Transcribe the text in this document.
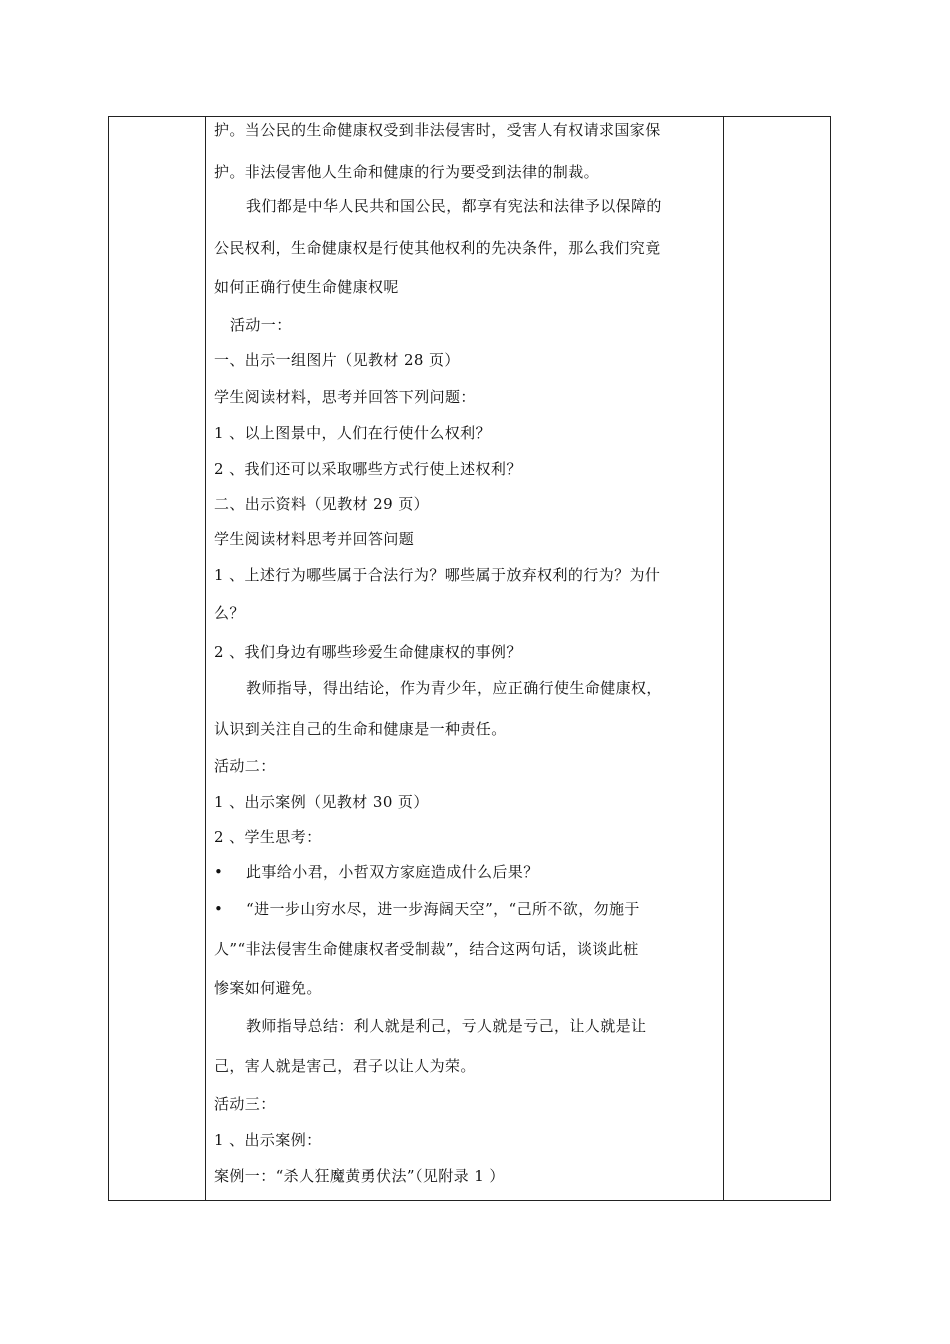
护。当公民的生命健康权受到非法侵害时，受害人有权请求国家保
护。非法侵害他人生命和健康的行为要受到法律的制裁。
我们都是中华人民共和国公民，都享有宪法和法律予以保障的
公民权利，生命健康权是行使其他权利的先决条件，那么我们究竟
如何正确行使生命健康权呢
活动一：
一、出示一组图片（见教材 28 页）
学生阅读材料，思考并回答下列问题：
1 、以上图景中，人们在行使什么权利？
2 、我们还可以采取哪些方式行使上述权利？
二、出示资料（见教材 29 页）
学生阅读材料思考并回答问题
1 、上述行为哪些属于合法行为？哪些属于放弃权利的行为？为什
么？
2 、我们身边有哪些珍爱生命健康权的事例？
教师指导，得出结论，作为青少年，应正确行使生命健康权，
认识到关注自己的生命和健康是一种责任。
活动二：
1 、出示案例（见教材 30 页）
2 、学生思考：
• 此事给小君，小哲双方家庭造成什么后果？
• “进一步山穷水尽，进一步海阔天空”，“己所不欲，勿施于
人”“非法侵害生命健康权者受制裁”，结合这两句话，谈谈此桩
惨案如何避免。
教师指导总结：利人就是利己，亏人就是亏己，让人就是让
己，害人就是害己，君子以让人为荣。
活动三：
1 、出示案例：
案例一：“杀人狂魔黄勇伏法”（见附录 1 ）
